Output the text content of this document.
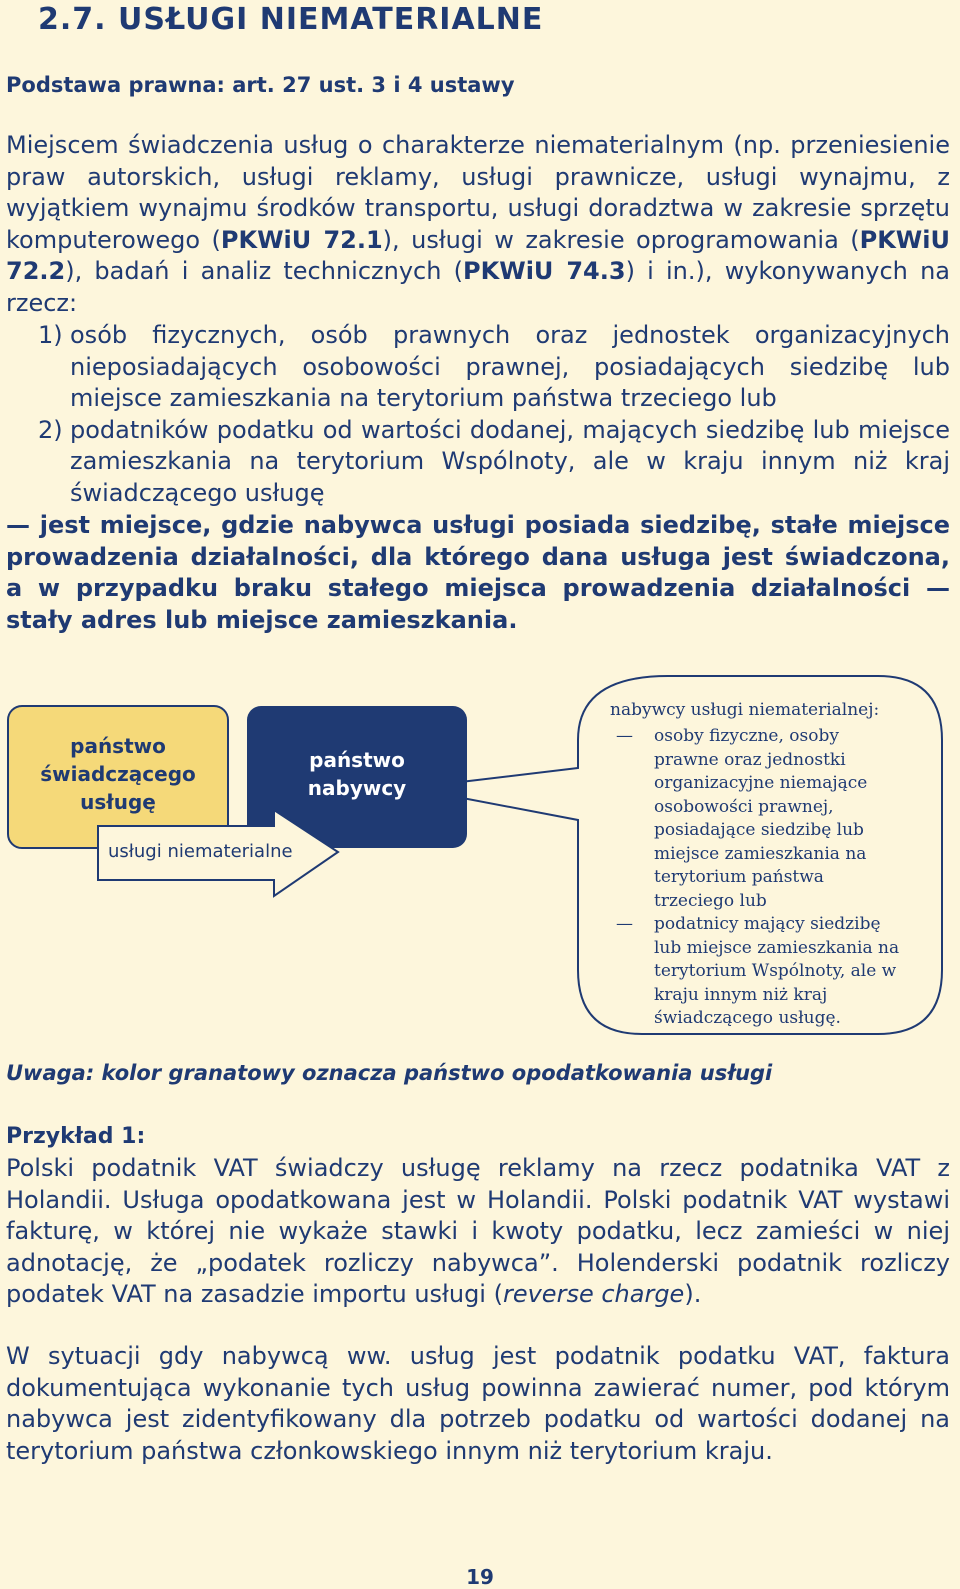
2.7. USŁUGI NIEMATERIALNE
Podstawa prawna: art. 27 ust. 3 i 4 ustawy
Miejscem świadczenia usług o charakterze niematerialnym (np. przeniesienie praw autorskich, usługi reklamy, usługi prawnicze, usługi wynajmu, z wyjątkiem wynajmu środków transportu, usługi doradztwa w zakresie sprzętu komputerowego (PKWiU 72.1), usługi w zakresie oprogramowania (PKWiU 72.2), badań i analiz technicznych (PKWiU 74.3) i in.), wykonywanych na rzecz:
1) osób fizycznych, osób prawnych oraz jednostek organizacyjnych nieposiadających osobowości prawnej, posiadających siedzibę lub miejsce zamieszkania na terytorium państwa trzeciego lub
2) podatników podatku od wartości dodanej, mających siedzibę lub miejsce zamieszkania na terytorium Wspólnoty, ale w kraju innym niż kraj świadczącego usługę
— jest miejsce, gdzie nabywca usługi posiada siedzibę, stałe miejsce prowadzenia działalności, dla którego dana usługa jest świadczona, a w przypadku braku stałego miejsca prowadzenia działalności — stały adres lub miejsce zamieszkania.
państwo
świadczącego
usługę
państwo
nabywcy
usługi niematerialne
nabywcy usługi niematerialnej:
— osoby fizyczne, osoby prawne oraz jednostki organizacyjne niemające osobowości prawnej, posiadające siedzibę lub miejsce zamieszkania na terytorium państwa trzeciego lub
— podatnicy mający siedzibę lub miejsce zamieszkania na terytorium Wspólnoty, ale w kraju innym niż kraj świadczącego usługę.
Uwaga: kolor granatowy oznacza państwo opodatkowania usługi
Przykład 1:
Polski podatnik VAT świadczy usługę reklamy na rzecz podatnika VAT z Holandii. Usługa opodatkowana jest w Holandii. Polski podatnik VAT wystawi fakturę, w której nie wykaże stawki i kwoty podatku, lecz zamieści w niej adnotację, że „podatek rozliczy nabywca”. Holenderski podatnik rozliczy podatek VAT na zasadzie importu usługi (reverse charge).
W sytuacji gdy nabywcą ww. usług jest podatnik podatku VAT, faktura dokumentująca wykonanie tych usług powinna zawierać numer, pod którym nabywca jest zidentyfikowany dla potrzeb podatku od wartości dodanej na terytorium państwa członkowskiego innym niż terytorium kraju.
19
